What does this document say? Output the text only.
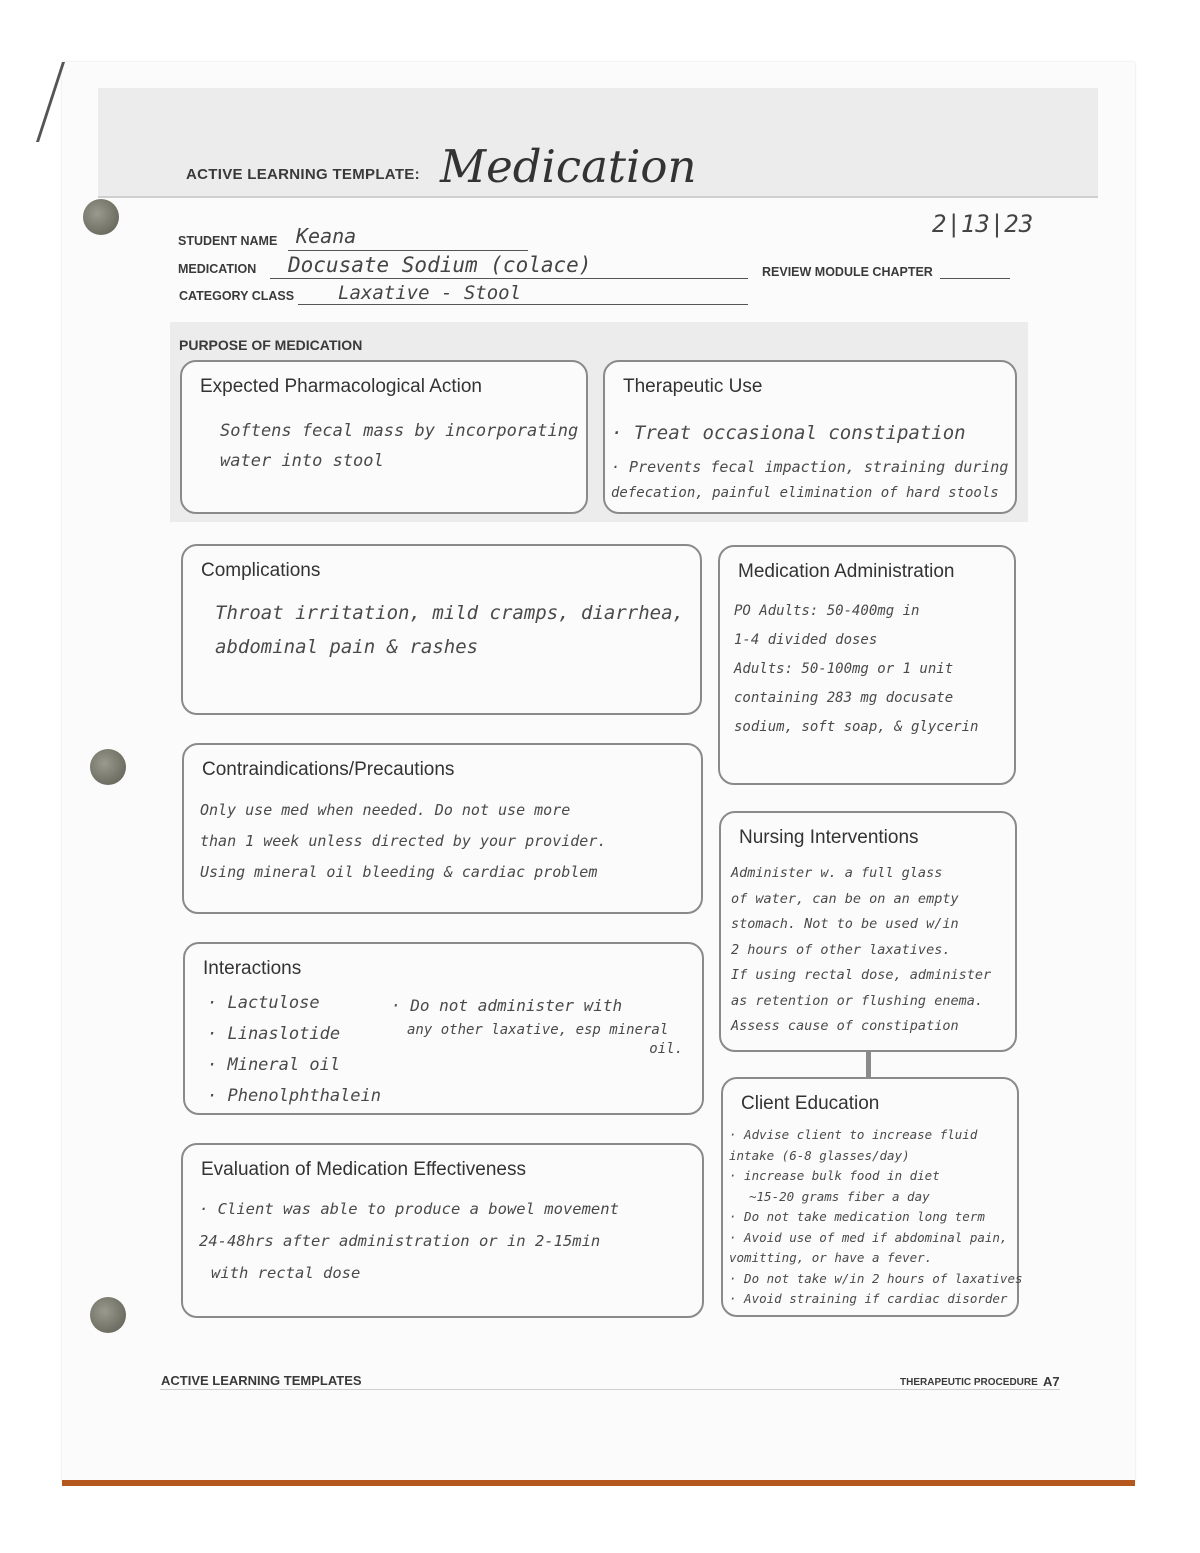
ACTIVE LEARNING TEMPLATE: Medication
STUDENT NAME Keana	2|13|23
MEDICATION Docusate Sodium (colace)	REVIEW MODULE CHAPTER
CATEGORY CLASS Laxative - Stool
PURPOSE OF MEDICATION
Expected Pharmacological Action
Softens fecal mass by incorporating
water into stool
Therapeutic Use
· Treat occasional constipation
· Prevents fecal impaction, straining during
defecation, painful elimination of hard stools
Complications
Throat irritation, mild cramps, diarrhea,
abdominal pain & rashes
Medication Administration
PO Adults: 50-400mg in
1-4 divided doses
Adults: 50-100mg or 1 unit
containing 283 mg docusate
sodium, soft soap, & glycerin
Contraindications/Precautions
Only use med when needed. Do not use more
than 1 week unless directed by your provider.
Using mineral oil bleeding & cardiac problem
Nursing Interventions
Administer w. a full glass
of water, can be on an empty
stomach. Not to be used w/in
2 hours of other laxatives.
If using rectal dose, administer
as retention or flushing enema.
Assess cause of constipation
Interactions
· Lactulose
· Linaslotide
· Mineral oil
· Phenolphthalein
· Do not administer with
any other laxative, esp mineral
oil.
Client Education
· Advise client to increase fluid
intake (6-8 glasses/day)
· increase bulk food in diet
~15-20 grams fiber a day
· Do not take medication long term
· Avoid use of med if abdominal pain,
vomitting, or have a fever.
· Do not take w/in 2 hours of laxatives
· Avoid straining if cardiac disorder
Evaluation of Medication Effectiveness
· Client was able to produce a bowel movement
24-48hrs after administration or in 2-15min
with rectal dose
ACTIVE LEARNING TEMPLATES	THERAPEUTIC PROCEDURE A7
